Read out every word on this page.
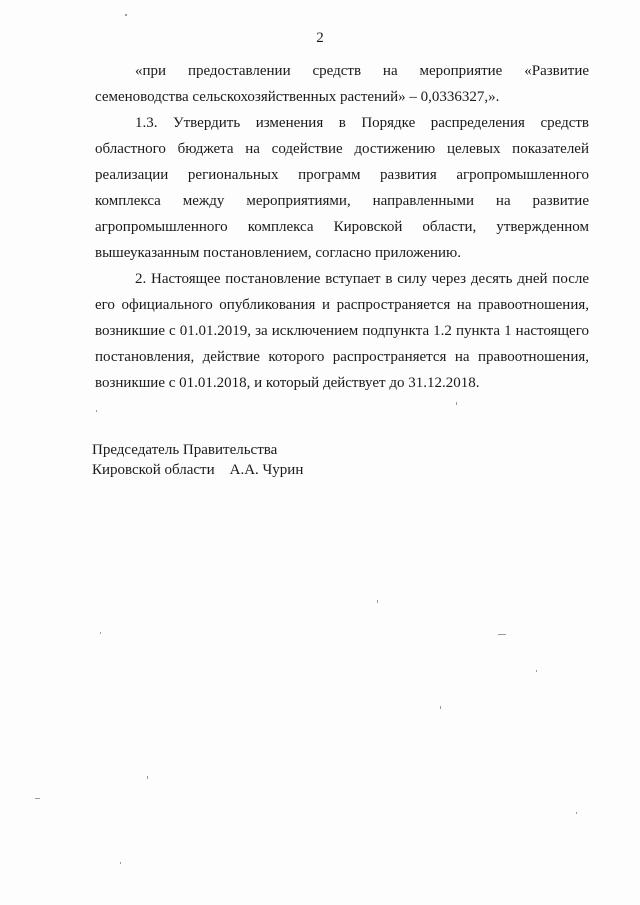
2

«при предоставлении средств на мероприятие «Развитие семеноводства сельскохозяйственных растений» – 0,0336327,».

1.3. Утвердить изменения в Порядке распределения средств областного бюджета на содействие достижению целевых показателей реализации региональных программ развития агропромышленного комплекса между мероприятиями, направленными на развитие агропромышленного комплекса Кировской области, утвержденном вышеуказанным постановлением, согласно приложению.

2. Настоящее постановление вступает в силу через десять дней после его официального опубликования и распространяется на правоотношения, возникшие с 01.01.2019, за исключением подпункта 1.2 пункта 1 настоящего постановления, действие которого распространяется на правоотношения, возникшие с 01.01.2018, и который действует до 31.12.2018.

Председатель Правительства
Кировской области    А.А. Чурин
